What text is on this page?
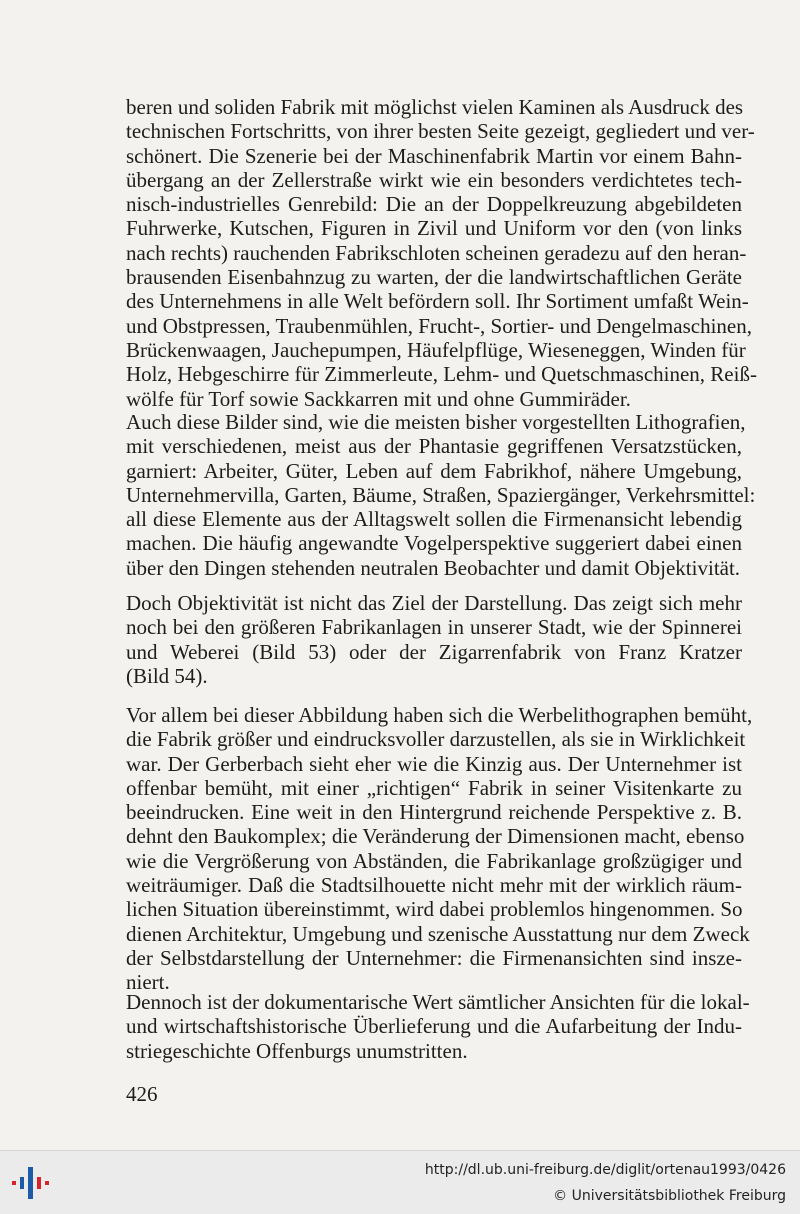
beren und soliden Fabrik mit möglichst vielen Kaminen als Ausdruck des
technischen Fortschritts, von ihrer besten Seite gezeigt, gegliedert und ver-
schönert. Die Szenerie bei der Maschinenfabrik Martin vor einem Bahn-
übergang an der Zellerstraße wirkt wie ein besonders verdichtetes tech-
nisch-industrielles Genrebild: Die an der Doppelkreuzung abgebildeten
Fuhrwerke, Kutschen, Figuren in Zivil und Uniform vor den (von links
nach rechts) rauchenden Fabrikschloten scheinen geradezu auf den heran-
brausenden Eisenbahnzug zu warten, der die landwirtschaftlichen Geräte
des Unternehmens in alle Welt befördern soll. Ihr Sortiment umfaßt Wein-
und Obstpressen, Traubenmühlen, Frucht-, Sortier- und Dengelmaschinen,
Brückenwaagen, Jauchepumpen, Häufelpflüge, Wieseneggen, Winden für
Holz, Hebgeschirre für Zimmerleute, Lehm- und Quetschmaschinen, Reiß-
wölfe für Torf sowie Sackkarren mit und ohne Gummiräder.
Auch diese Bilder sind, wie die meisten bisher vorgestellten Lithografien,
mit verschiedenen, meist aus der Phantasie gegriffenen Versatzstücken,
garniert: Arbeiter, Güter, Leben auf dem Fabrikhof, nähere Umgebung,
Unternehmervilla, Garten, Bäume, Straßen, Spaziergänger, Verkehrsmittel:
all diese Elemente aus der Alltagswelt sollen die Firmenansicht lebendig
machen. Die häufig angewandte Vogelperspektive suggeriert dabei einen
über den Dingen stehenden neutralen Beobachter und damit Objektivität.
Doch Objektivität ist nicht das Ziel der Darstellung. Das zeigt sich mehr
noch bei den größeren Fabrikanlagen in unserer Stadt, wie der Spinnerei
und Weberei (Bild 53) oder der Zigarrenfabrik von Franz Kratzer
(Bild 54).
Vor allem bei dieser Abbildung haben sich die Werbelithographen bemüht,
die Fabrik größer und eindrucksvoller darzustellen, als sie in Wirklichkeit
war. Der Gerberbach sieht eher wie die Kinzig aus. Der Unternehmer ist
offenbar bemüht, mit einer „richtigen“ Fabrik in seiner Visitenkarte zu
beeindrucken. Eine weit in den Hintergrund reichende Perspektive z. B.
dehnt den Baukomplex; die Veränderung der Dimensionen macht, ebenso
wie die Vergrößerung von Abständen, die Fabrikanlage großzügiger und
weiträumiger. Daß die Stadtsilhouette nicht mehr mit der wirklich räum-
lichen Situation übereinstimmt, wird dabei problemlos hingenommen. So
dienen Architektur, Umgebung und szenische Ausstattung nur dem Zweck
der Selbstdarstellung der Unternehmer: die Firmenansichten sind insze-
niert.
Dennoch ist der dokumentarische Wert sämtlicher Ansichten für die lokal-
und wirtschaftshistorische Überlieferung und die Aufarbeitung der Indu-
striegeschichte Offenburgs unumstritten.
426
http://dl.ub.uni-freiburg.de/diglit/ortenau1993/0426
© Universitätsbibliothek Freiburg
